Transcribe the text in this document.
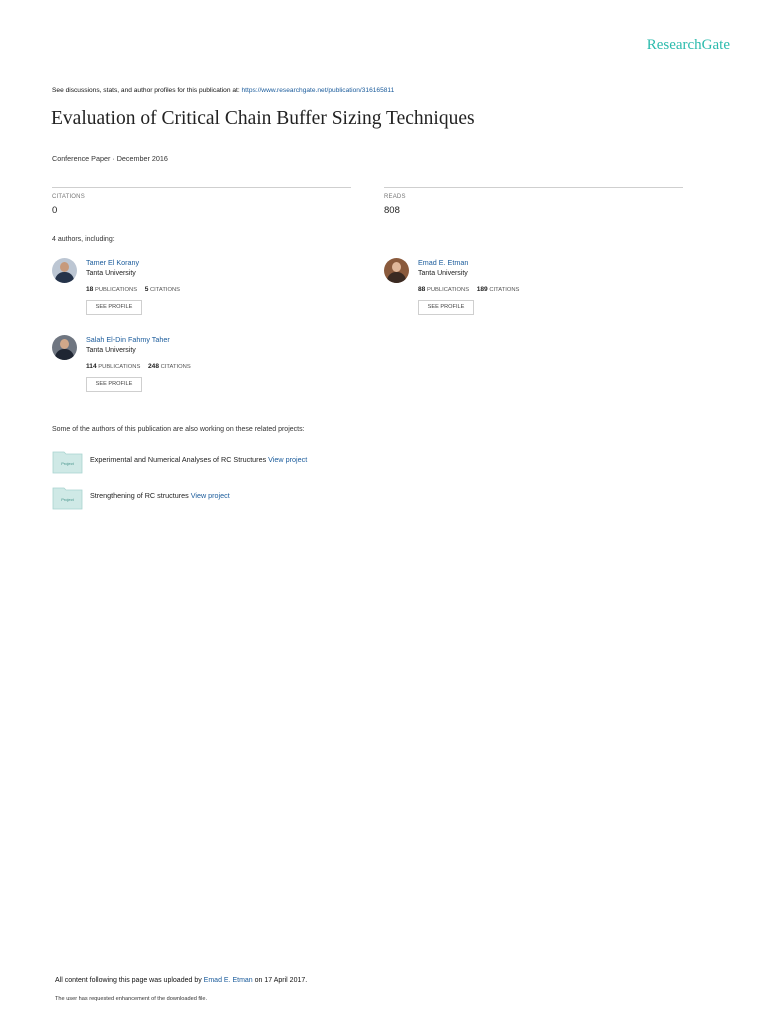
ResearchGate
See discussions, stats, and author profiles for this publication at: https://www.researchgate.net/publication/316165811
Evaluation of Critical Chain Buffer Sizing Techniques
Conference Paper · December 2016
CITATIONS
0
READS
808
4 authors, including:
Tamer El Korany
Tanta University
18 PUBLICATIONS 5 CITATIONS
SEE PROFILE
Emad E. Etman
Tanta University
88 PUBLICATIONS 189 CITATIONS
SEE PROFILE
Salah El-Din Fahmy Taher
Tanta University
114 PUBLICATIONS 248 CITATIONS
SEE PROFILE
Some of the authors of this publication are also working on these related projects:
Project Experimental and Numerical Analyses of RC Structures View project
Project Strengthening of RC structures View project
All content following this page was uploaded by Emad E. Etman on 17 April 2017.
The user has requested enhancement of the downloaded file.
